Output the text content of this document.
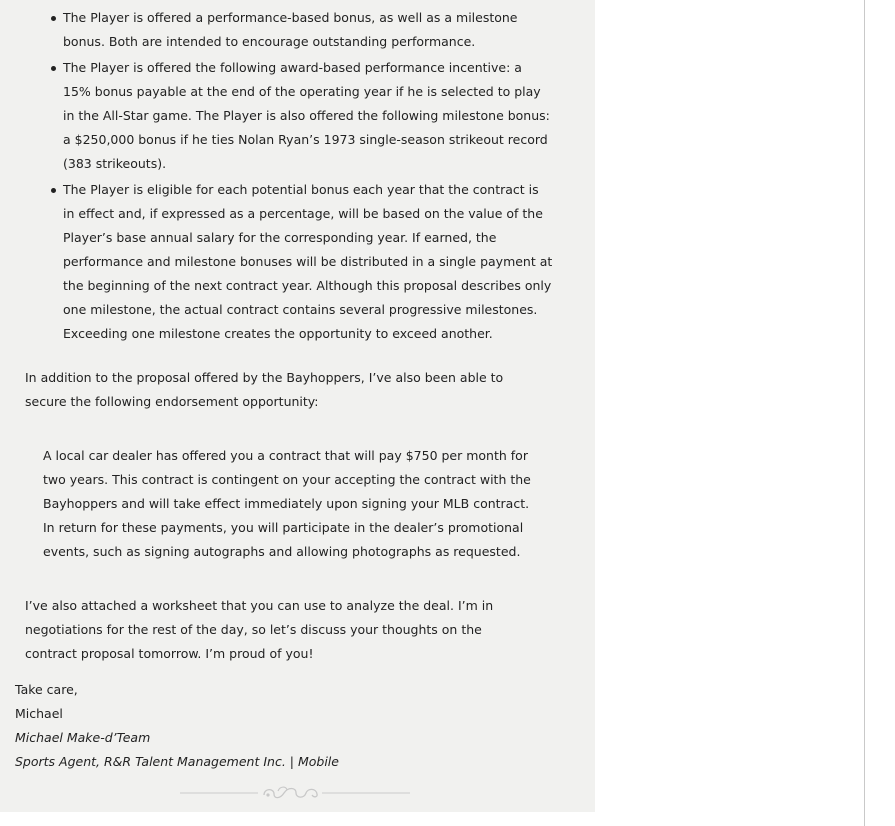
The Player is offered a performance-based bonus, as well as a milestone bonus. Both are intended to encourage outstanding performance.
The Player is offered the following award-based performance incentive: a 15% bonus payable at the end of the operating year if he is selected to play in the All-Star game. The Player is also offered the following milestone bonus: a $250,000 bonus if he ties Nolan Ryan’s 1973 single-season strikeout record (383 strikeouts).
The Player is eligible for each potential bonus each year that the contract is in effect and, if expressed as a percentage, will be based on the value of the Player’s base annual salary for the corresponding year. If earned, the performance and milestone bonuses will be distributed in a single payment at the beginning of the next contract year. Although this proposal describes only one milestone, the actual contract contains several progressive milestones. Exceeding one milestone creates the opportunity to exceed another.

In addition to the proposal offered by the Bayhoppers, I’ve also been able to secure the following endorsement opportunity:

A local car dealer has offered you a contract that will pay $750 per month for two years. This contract is contingent on your accepting the contract with the Bayhoppers and will take effect immediately upon signing your MLB contract. In return for these payments, you will participate in the dealer’s promotional events, such as signing autographs and allowing photographs as requested.

I’ve also attached a worksheet that you can use to analyze the deal. I’m in negotiations for the rest of the day, so let’s discuss your thoughts on the contract proposal tomorrow. I’m proud of you!

Take care,
Michael
Michael Make-d’Team
Sports Agent, R&R Talent Management Inc. | Mobile
